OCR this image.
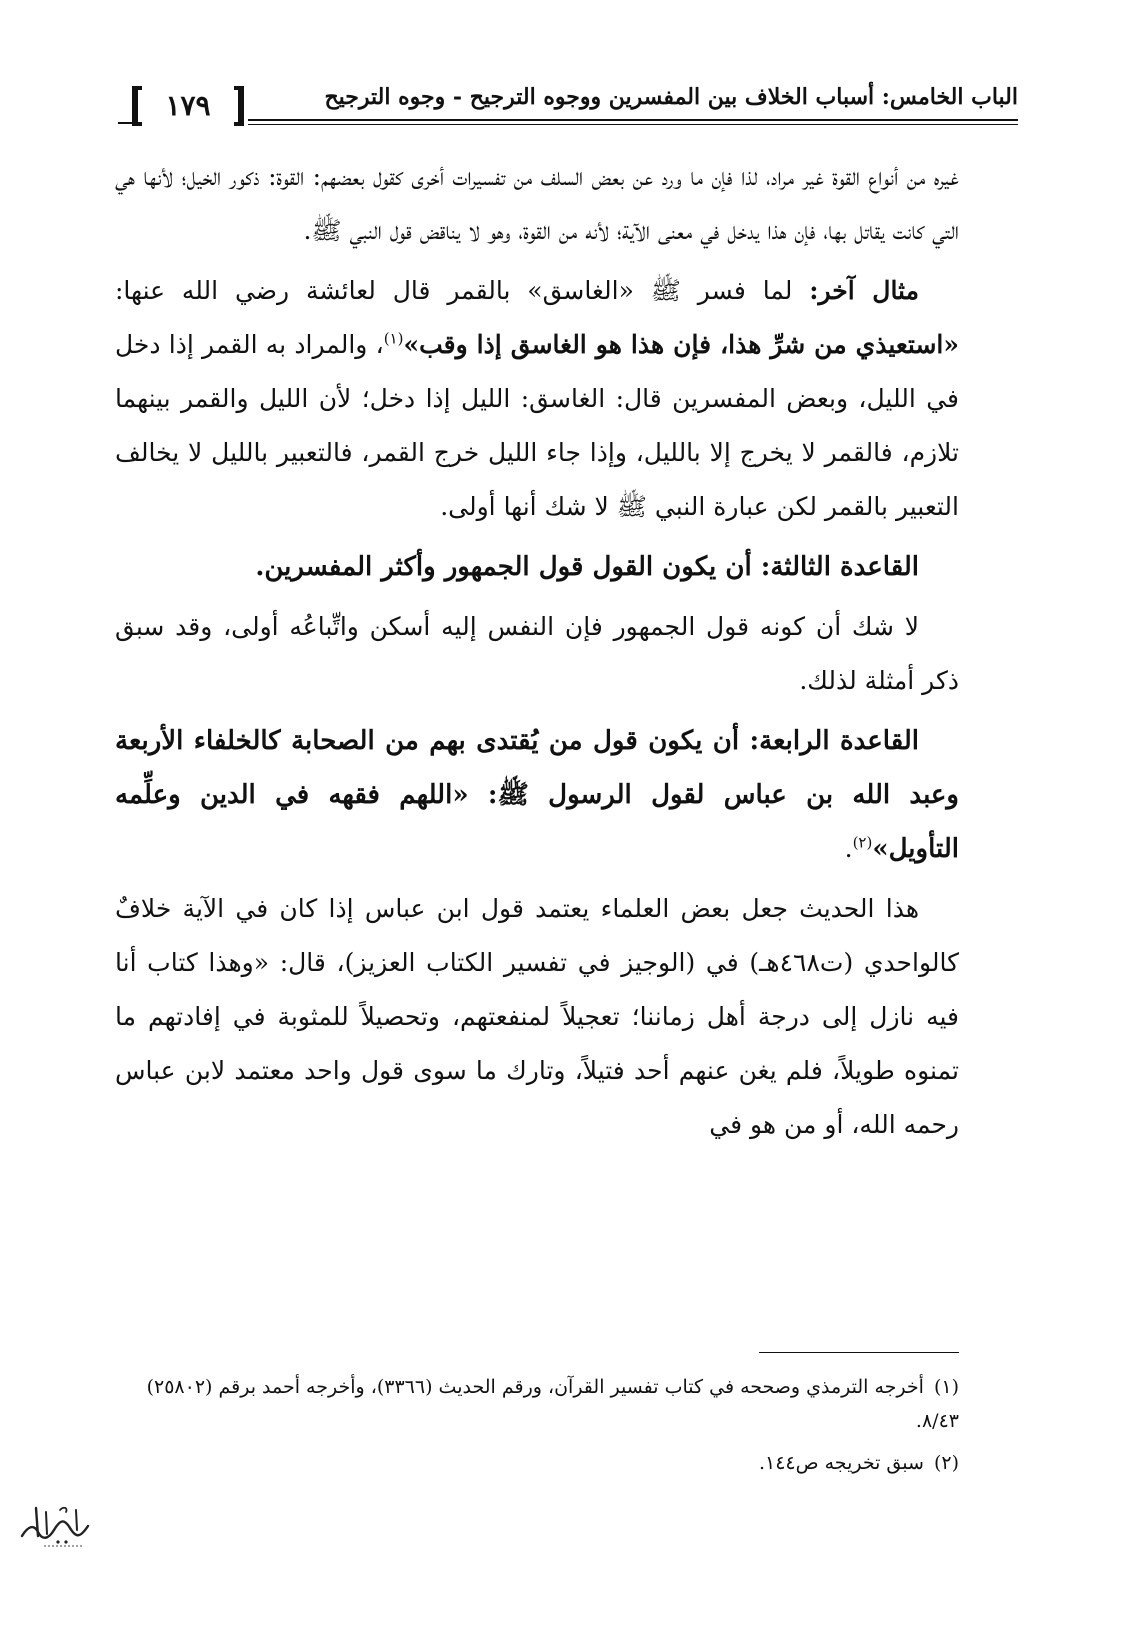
الباب الخامس: أسباب الخلاف بين المفسرين ووجوه الترجيح - وجوه الترجيح
١٧٩

غيره من أنواع القوة غير مراد، لذا فإن ما ورد عن بعض السلف من تفسيرات أخرى كقول بعضهم: القوة: ذكور الخيل؛ لأنها هي التي كانت يقاتل بها، فإن هذا يدخل في معنى الآية؛ لأنه من القوة، وهو لا يناقض قول النبي ﷺ.

مثال آخر: لما فسر ﷺ «الغاسق» بالقمر قال لعائشة رضي الله عنها: «استعيذي من شرِّ هذا، فإن هذا هو الغاسق إذا وقب»$^{(١)}$، والمراد به القمر إذا دخل في الليل، وبعض المفسرين قال: الغاسق: الليل إذا دخل؛ لأن الليل والقمر بينهما تلازم، فالقمر لا يخرج إلا بالليل، وإذا جاء الليل خرج القمر، فالتعبير بالليل لا يخالف التعبير بالقمر لكن عبارة النبي ﷺ لا شك أنها أولى.

القاعدة الثالثة: أن يكون القول قول الجمهور وأكثر المفسرين.

لا شك أن كونه قول الجمهور فإن النفس إليه أسكن واتِّباعُه أولى، وقد سبق ذكر أمثلة لذلك.

القاعدة الرابعة: أن يكون قول من يُقتدى بهم من الصحابة كالخلفاء الأربعة وعبد الله بن عباس لقول الرسول ﷺ: «اللهم فقهه في الدين وعلِّمه التأويل»$^{(٢)}$.

هذا الحديث جعل بعض العلماء يعتمد قول ابن عباس إذا كان في الآية خلافٌ كالواحدي (ت٤٦٨هـ) في (الوجيز في تفسير الكتاب العزيز)، قال: «وهذا كتاب أنا فيه نازل إلى درجة أهل زماننا؛ تعجيلاً لمنفعتهم، وتحصيلاً للمثوبة في إفادتهم ما تمنوه طويلاً، فلم يغن عنهم أحد فتيلاً، وتارك ما سوى قول واحد معتمد لابن عباس رحمه الله، أو من هو في

(١)أخرجه الترمذي وصححه في كتاب تفسير القرآن، ورقم الحديث (٣٣٦٦)، وأخرجه أحمد برقم (٢٥٨٠٢) ٨/٤٣.

(٢)سبق تخريجه ص١٤٤.
